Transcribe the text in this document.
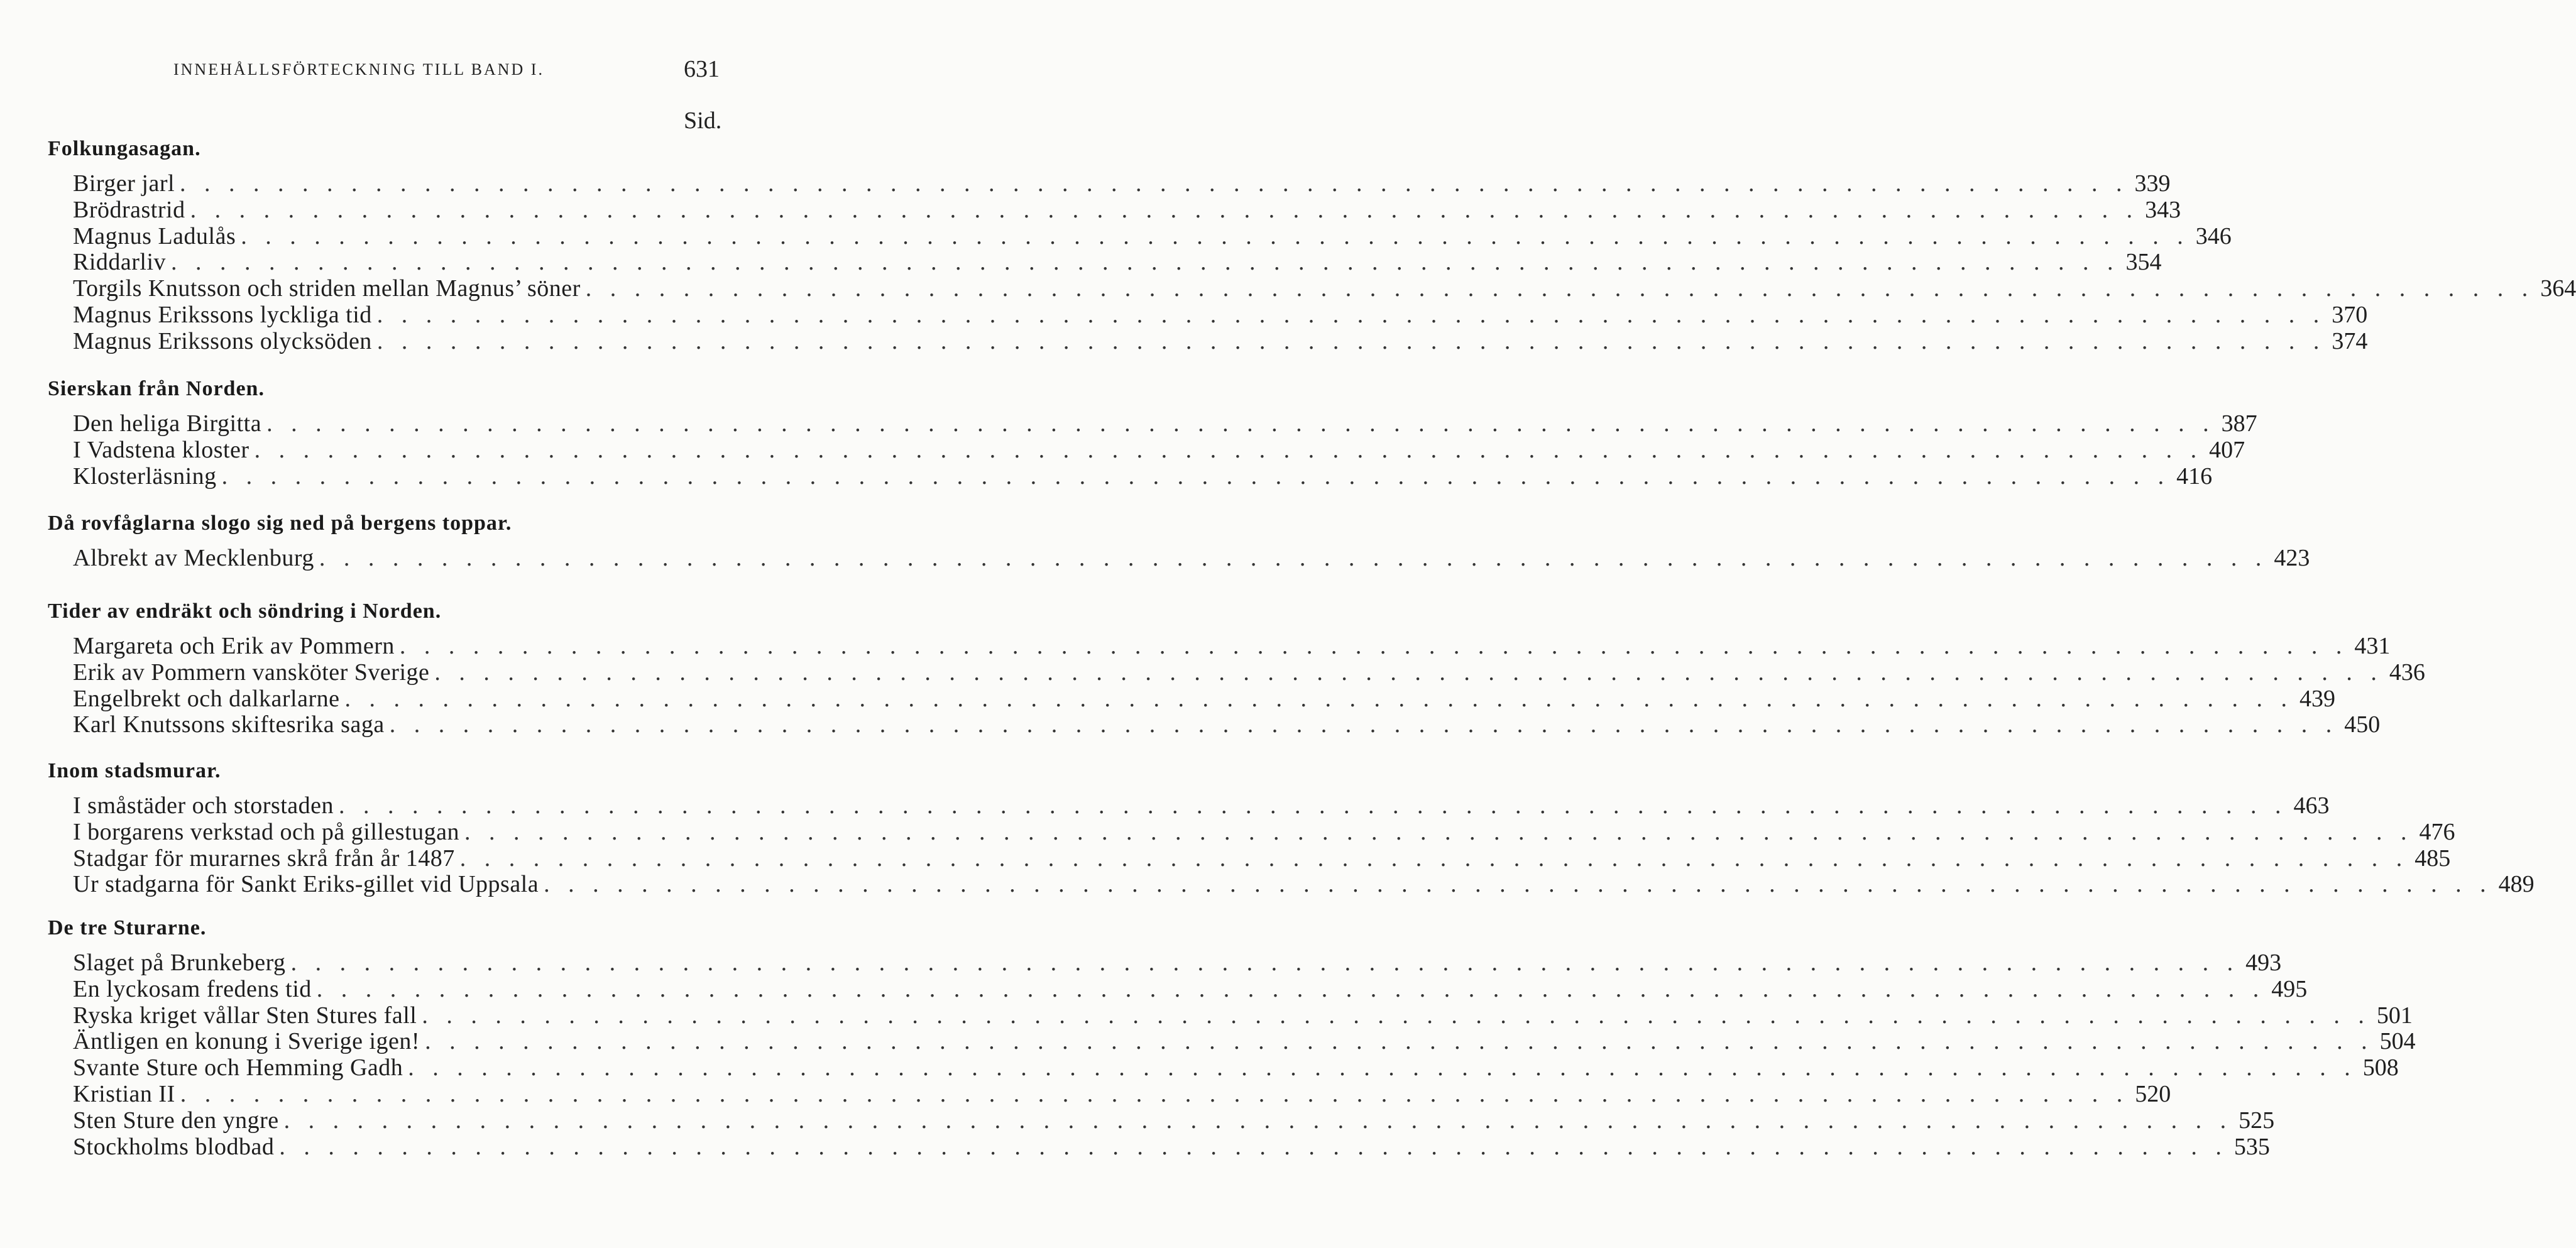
INNEHÅLLSFÖRTECKNING TILL BAND I.	631
Sid.
Folkungasagan.
Birger jarl . . . . . . . . . . . . . . . . . . . . . . . . . . . . . . . . . . . . . . . . . . . . . . . . . . . . . . . . . . . . . . . . . . . . . . . . . . . . . . . . 339
Brödrastrid . . . . . . . . . . . . . . . . . . . . . . . . . . . . . . . . . . . . . . . . . . . . . . . . . . . . . . . . . . . . . . . . . . . . . . . . . . . . . . . . 343
Magnus Ladulås . . . . . . . . . . . . . . . . . . . . . . . . . . . . . . . . . . . . . . . . . . . . . . . . . . . . . . . . . . . . . . . . . . . . . . . . . . . . . . . . 346
Riddarliv . . . . . . . . . . . . . . . . . . . . . . . . . . . . . . . . . . . . . . . . . . . . . . . . . . . . . . . . . . . . . . . . . . . . . . . . . . . . . . . . 354
Torgils Knutsson och striden mellan Magnus’ söner . . . . . . . . . . . . . . . . . . . . . . . . . . . . . . . . . . . . . . . . . . . . . . . . . . . . . . . . . . . . . . . . . . . . . . . . . . . . . . . . 364
Magnus Erikssons lyckliga tid . . . . . . . . . . . . . . . . . . . . . . . . . . . . . . . . . . . . . . . . . . . . . . . . . . . . . . . . . . . . . . . . . . . . . . . . . . . . . . . . 370
Magnus Erikssons olycksöden . . . . . . . . . . . . . . . . . . . . . . . . . . . . . . . . . . . . . . . . . . . . . . . . . . . . . . . . . . . . . . . . . . . . . . . . . . . . . . . . 374
Sierskan från Norden.
Den heliga Birgitta . . . . . . . . . . . . . . . . . . . . . . . . . . . . . . . . . . . . . . . . . . . . . . . . . . . . . . . . . . . . . . . . . . . . . . . . . . . . . . . . 387
I Vadstena kloster . . . . . . . . . . . . . . . . . . . . . . . . . . . . . . . . . . . . . . . . . . . . . . . . . . . . . . . . . . . . . . . . . . . . . . . . . . . . . . . . 407
Klosterläsning . . . . . . . . . . . . . . . . . . . . . . . . . . . . . . . . . . . . . . . . . . . . . . . . . . . . . . . . . . . . . . . . . . . . . . . . . . . . . . . . 416
Då rovfåglarna slogo sig ned på bergens toppar.
Albrekt av Mecklenburg . . . . . . . . . . . . . . . . . . . . . . . . . . . . . . . . . . . . . . . . . . . . . . . . . . . . . . . . . . . . . . . . . . . . . . . . . . . . . . . . 423
Tider av endräkt och söndring i Norden.
Margareta och Erik av Pommern . . . . . . . . . . . . . . . . . . . . . . . . . . . . . . . . . . . . . . . . . . . . . . . . . . . . . . . . . . . . . . . . . . . . . . . . . . . . . . . . 431
Erik av Pommern vansköter Sverige . . . . . . . . . . . . . . . . . . . . . . . . . . . . . . . . . . . . . . . . . . . . . . . . . . . . . . . . . . . . . . . . . . . . . . . . . . . . . . . . 436
Engelbrekt och dalkarlarne . . . . . . . . . . . . . . . . . . . . . . . . . . . . . . . . . . . . . . . . . . . . . . . . . . . . . . . . . . . . . . . . . . . . . . . . . . . . . . . . 439
Karl Knutssons skiftesrika saga . . . . . . . . . . . . . . . . . . . . . . . . . . . . . . . . . . . . . . . . . . . . . . . . . . . . . . . . . . . . . . . . . . . . . . . . . . . . . . . . 450
Inom stadsmurar.
I småstäder och storstaden . . . . . . . . . . . . . . . . . . . . . . . . . . . . . . . . . . . . . . . . . . . . . . . . . . . . . . . . . . . . . . . . . . . . . . . . . . . . . . . . 463
I borgarens verkstad och på gillestugan . . . . . . . . . . . . . . . . . . . . . . . . . . . . . . . . . . . . . . . . . . . . . . . . . . . . . . . . . . . . . . . . . . . . . . . . . . . . . . . . 476
Stadgar för murarnes skrå från år 1487 . . . . . . . . . . . . . . . . . . . . . . . . . . . . . . . . . . . . . . . . . . . . . . . . . . . . . . . . . . . . . . . . . . . . . . . . . . . . . . . . 485
Ur stadgarna för Sankt Eriks-gillet vid Uppsala . . . . . . . . . . . . . . . . . . . . . . . . . . . . . . . . . . . . . . . . . . . . . . . . . . . . . . . . . . . . . . . . . . . . . . . . . . . . . . . . 489
De tre Sturarne.
Slaget på Brunkeberg . . . . . . . . . . . . . . . . . . . . . . . . . . . . . . . . . . . . . . . . . . . . . . . . . . . . . . . . . . . . . . . . . . . . . . . . . . . . . . . . 493
En lyckosam fredens tid . . . . . . . . . . . . . . . . . . . . . . . . . . . . . . . . . . . . . . . . . . . . . . . . . . . . . . . . . . . . . . . . . . . . . . . . . . . . . . . . 495
Ryska kriget vållar Sten Stures fall . . . . . . . . . . . . . . . . . . . . . . . . . . . . . . . . . . . . . . . . . . . . . . . . . . . . . . . . . . . . . . . . . . . . . . . . . . . . . . . . 501
Äntligen en konung i Sverige igen! . . . . . . . . . . . . . . . . . . . . . . . . . . . . . . . . . . . . . . . . . . . . . . . . . . . . . . . . . . . . . . . . . . . . . . . . . . . . . . . . 504
Svante Sture och Hemming Gadh . . . . . . . . . . . . . . . . . . . . . . . . . . . . . . . . . . . . . . . . . . . . . . . . . . . . . . . . . . . . . . . . . . . . . . . . . . . . . . . . 508
Kristian II . . . . . . . . . . . . . . . . . . . . . . . . . . . . . . . . . . . . . . . . . . . . . . . . . . . . . . . . . . . . . . . . . . . . . . . . . . . . . . . . 520
Sten Sture den yngre . . . . . . . . . . . . . . . . . . . . . . . . . . . . . . . . . . . . . . . . . . . . . . . . . . . . . . . . . . . . . . . . . . . . . . . . . . . . . . . . 525
Stockholms blodbad . . . . . . . . . . . . . . . . . . . . . . . . . . . . . . . . . . . . . . . . . . . . . . . . . . . . . . . . . . . . . . . . . . . . . . . . . . . . . . . . 535
